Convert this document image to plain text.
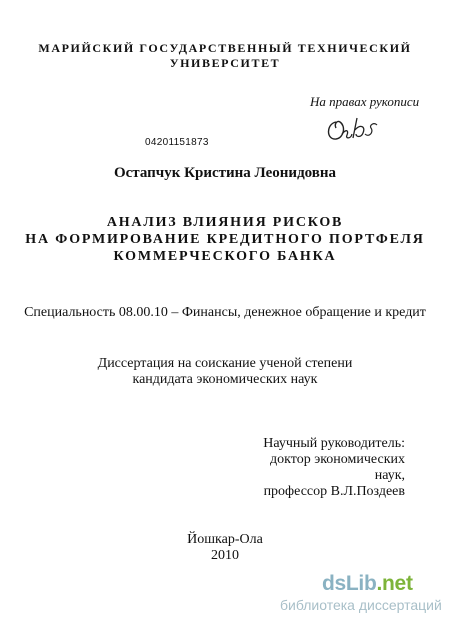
МАРИЙСКИЙ ГОСУДАРСТВЕННЫЙ ТЕХНИЧЕСКИЙ
УНИВЕРСИТЕТ
На правах рукописи
04201151873
Остапчук Кристина Леонидовна
АНАЛИЗ ВЛИЯНИЯ РИСКОВ
НА ФОРМИРОВАНИЕ КРЕДИТНОГО ПОРТФЕЛЯ
КОММЕРЧЕСКОГО БАНКА
Специальность 08.00.10 – Финансы, денежное обращение и кредит
Диссертация на соискание ученой степени
кандидата экономических наук
Научный руководитель:
доктор экономических наук,
профессор В.Л.Поздеев
Йошкар-Ола
2010
dsLib.net
библиотека диссертаций
